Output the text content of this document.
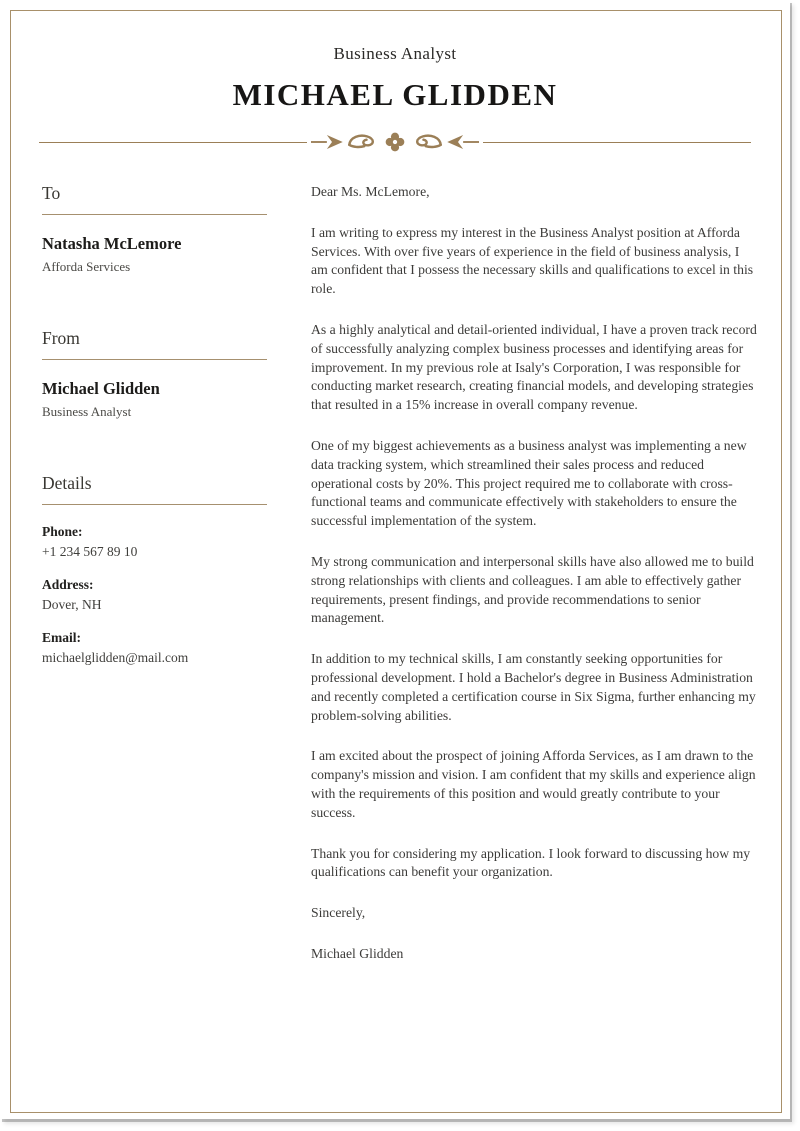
Business Analyst
MICHAEL GLIDDEN
To
Natasha McLemore
Afforda Services
From
Michael Glidden
Business Analyst
Details
Phone:
+1 234 567 89 10
Address:
Dover, NH
Email:
michaelglidden@mail.com

Dear Ms. McLemore,

I am writing to express my interest in the Business Analyst position at Afforda Services. With over five years of experience in the field of business analysis, I am confident that I possess the necessary skills and qualifications to excel in this role.

As a highly analytical and detail-oriented individual, I have a proven track record of successfully analyzing complex business processes and identifying areas for improvement. In my previous role at Isaly's Corporation, I was responsible for conducting market research, creating financial models, and developing strategies that resulted in a 15% increase in overall company revenue.

One of my biggest achievements as a business analyst was implementing a new data tracking system, which streamlined their sales process and reduced operational costs by 20%. This project required me to collaborate with cross-functional teams and communicate effectively with stakeholders to ensure the successful implementation of the system.

My strong communication and interpersonal skills have also allowed me to build strong relationships with clients and colleagues. I am able to effectively gather requirements, present findings, and provide recommendations to senior management.

In addition to my technical skills, I am constantly seeking opportunities for professional development. I hold a Bachelor's degree in Business Administration and recently completed a certification course in Six Sigma, further enhancing my problem-solving abilities.

I am excited about the prospect of joining Afforda Services, as I am drawn to the company's mission and vision. I am confident that my skills and experience align with the requirements of this position and would greatly contribute to your success.

Thank you for considering my application. I look forward to discussing how my qualifications can benefit your organization.

Sincerely,

Michael Glidden
